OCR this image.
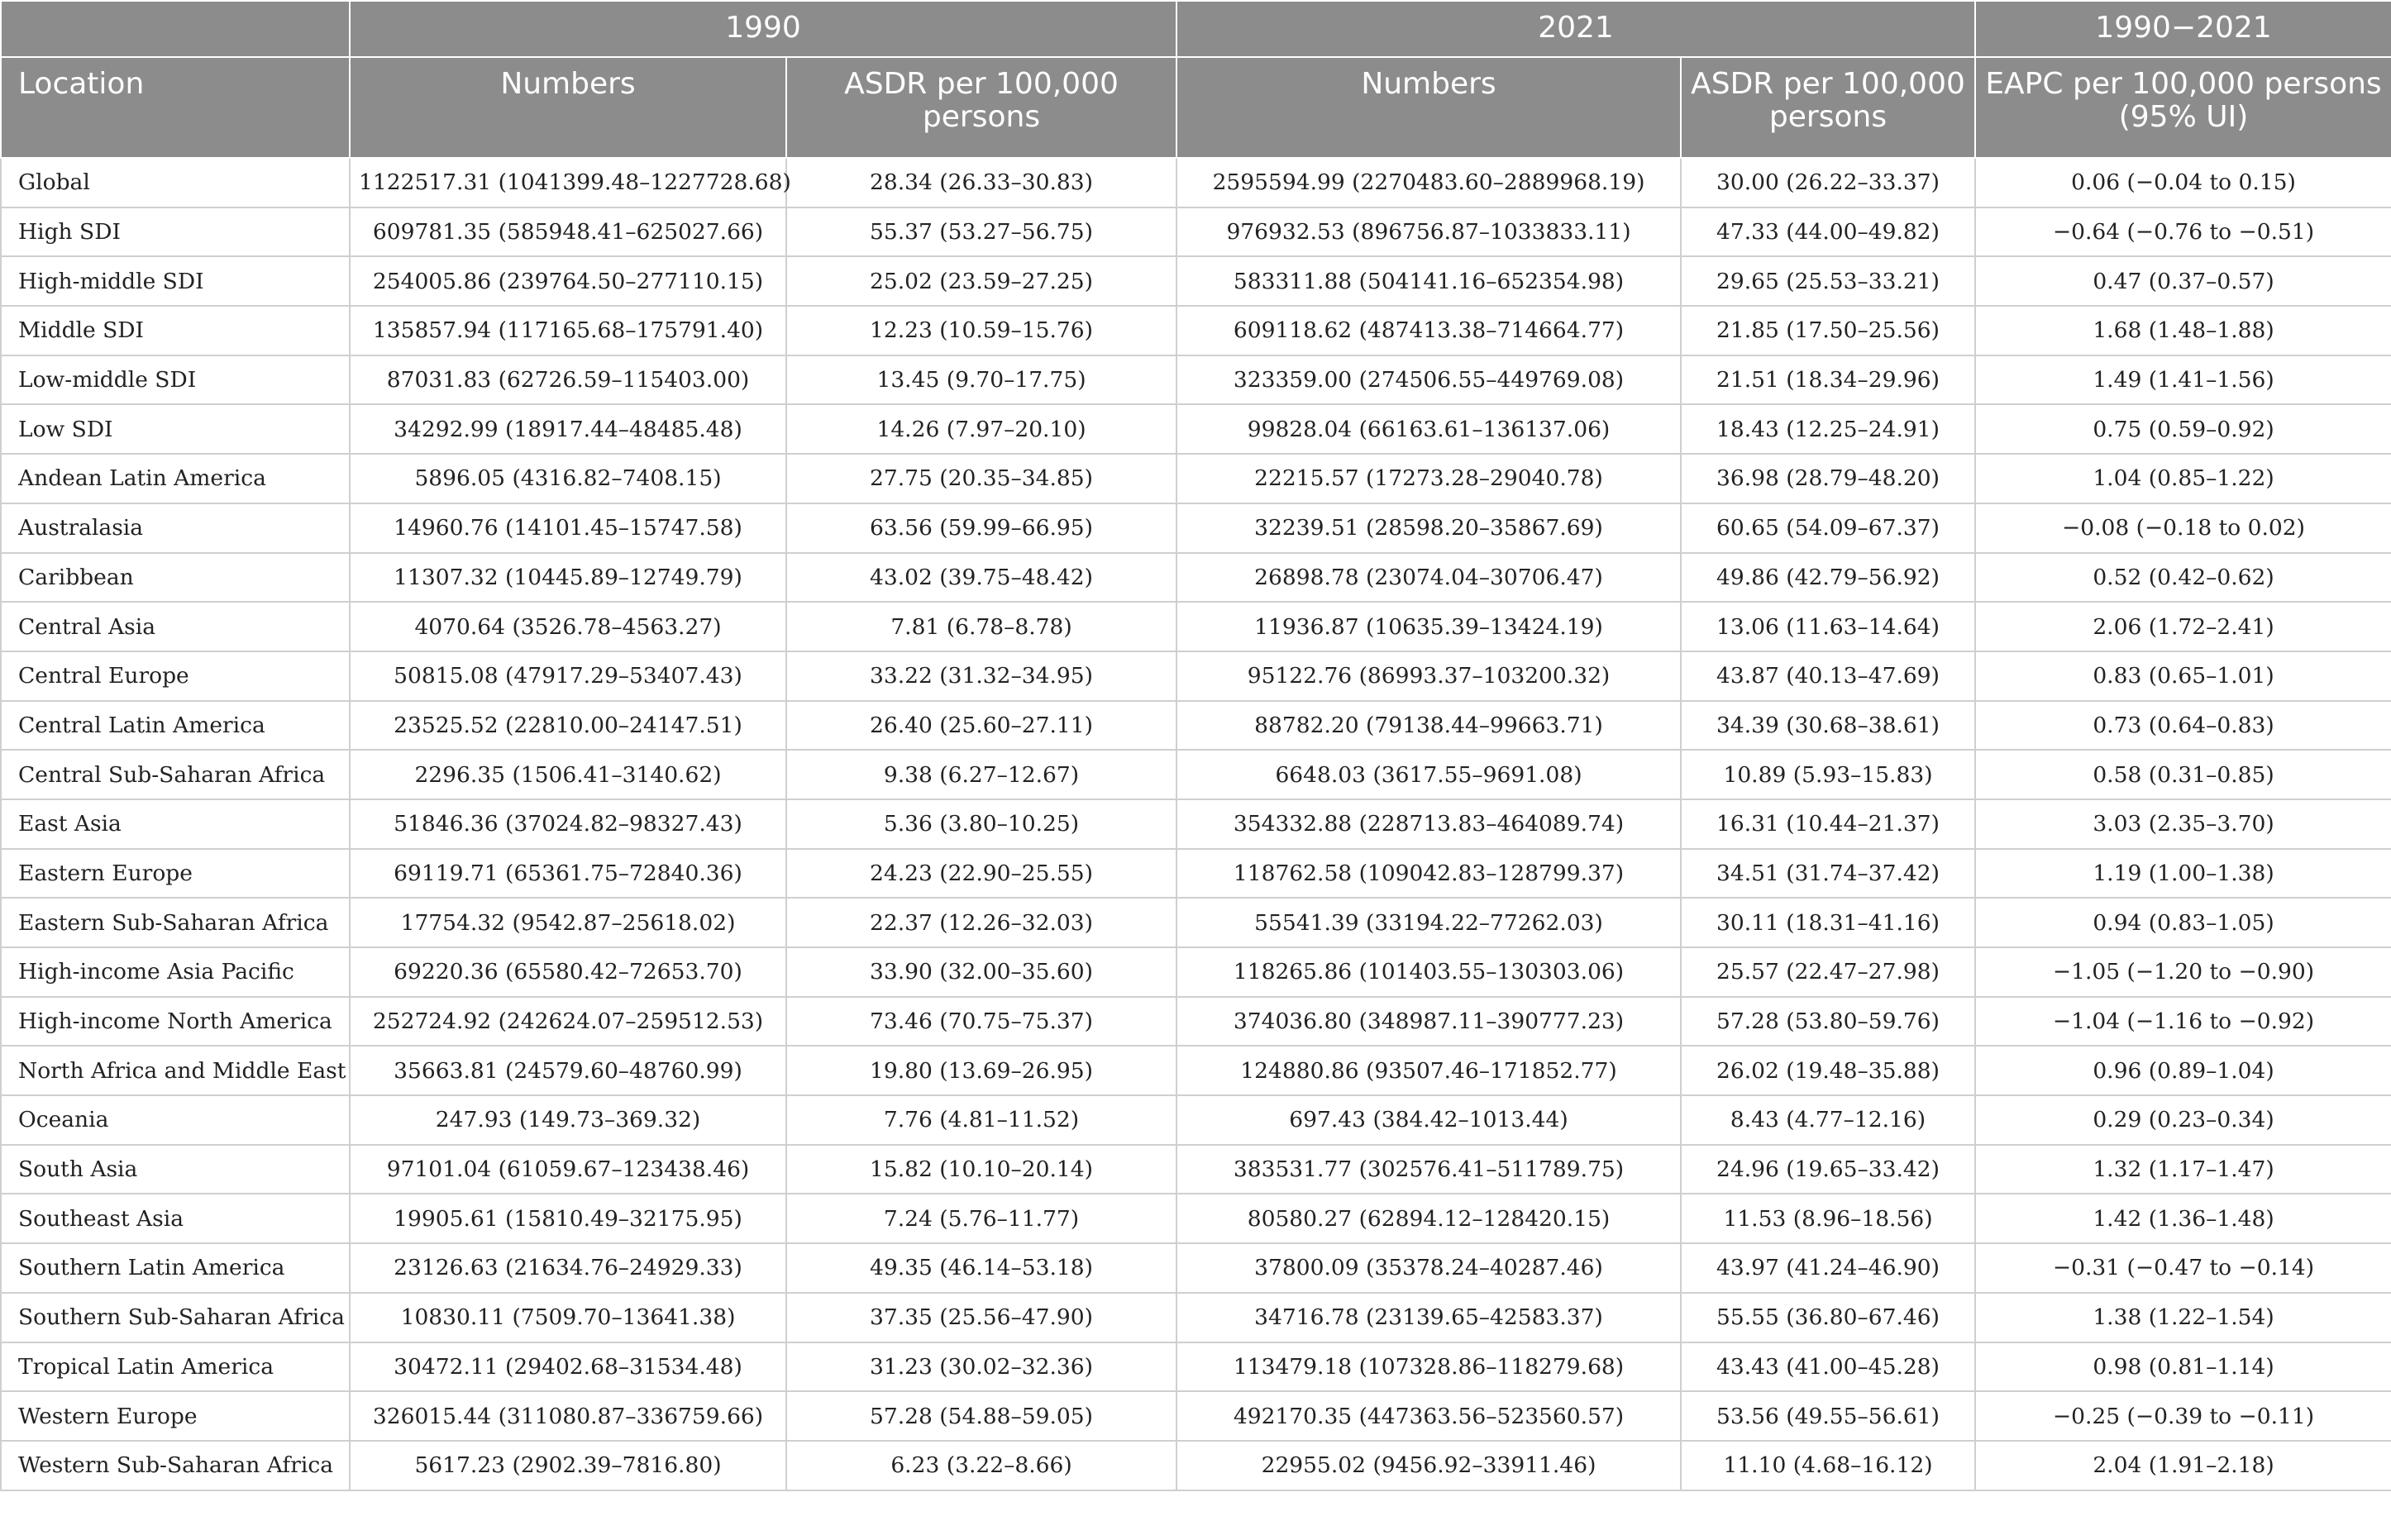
	1990		2021		1990−2021
Location	Numbers	ASDR per 100,000 persons	Numbers	ASDR per 100,000 persons	EAPC per 100,000 persons (95% UI)
Global	1122517.31 (1041399.48–1227728.68)	28.34 (26.33–30.83)	2595594.99 (2270483.60–2889968.19)	30.00 (26.22–33.37)	0.06 (−0.04 to 0.15)
High SDI	609781.35 (585948.41–625027.66)	55.37 (53.27–56.75)	976932.53 (896756.87–1033833.11)	47.33 (44.00–49.82)	−0.64 (−0.76 to −0.51)
High-middle SDI	254005.86 (239764.50–277110.15)	25.02 (23.59–27.25)	583311.88 (504141.16–652354.98)	29.65 (25.53–33.21)	0.47 (0.37–0.57)
Middle SDI	135857.94 (117165.68–175791.40)	12.23 (10.59–15.76)	609118.62 (487413.38–714664.77)	21.85 (17.50–25.56)	1.68 (1.48–1.88)
Low-middle SDI	87031.83 (62726.59–115403.00)	13.45 (9.70–17.75)	323359.00 (274506.55–449769.08)	21.51 (18.34–29.96)	1.49 (1.41–1.56)
Low SDI	34292.99 (18917.44–48485.48)	14.26 (7.97–20.10)	99828.04 (66163.61–136137.06)	18.43 (12.25–24.91)	0.75 (0.59–0.92)
Andean Latin America	5896.05 (4316.82–7408.15)	27.75 (20.35–34.85)	22215.57 (17273.28–29040.78)	36.98 (28.79–48.20)	1.04 (0.85–1.22)
Australasia	14960.76 (14101.45–15747.58)	63.56 (59.99–66.95)	32239.51 (28598.20–35867.69)	60.65 (54.09–67.37)	−0.08 (−0.18 to 0.02)
Caribbean	11307.32 (10445.89–12749.79)	43.02 (39.75–48.42)	26898.78 (23074.04–30706.47)	49.86 (42.79–56.92)	0.52 (0.42–0.62)
Central Asia	4070.64 (3526.78–4563.27)	7.81 (6.78–8.78)	11936.87 (10635.39–13424.19)	13.06 (11.63–14.64)	2.06 (1.72–2.41)
Central Europe	50815.08 (47917.29–53407.43)	33.22 (31.32–34.95)	95122.76 (86993.37–103200.32)	43.87 (40.13–47.69)	0.83 (0.65–1.01)
Central Latin America	23525.52 (22810.00–24147.51)	26.40 (25.60–27.11)	88782.20 (79138.44–99663.71)	34.39 (30.68–38.61)	0.73 (0.64–0.83)
Central Sub-Saharan Africa	2296.35 (1506.41–3140.62)	9.38 (6.27–12.67)	6648.03 (3617.55–9691.08)	10.89 (5.93–15.83)	0.58 (0.31–0.85)
East Asia	51846.36 (37024.82–98327.43)	5.36 (3.80–10.25)	354332.88 (228713.83–464089.74)	16.31 (10.44–21.37)	3.03 (2.35–3.70)
Eastern Europe	69119.71 (65361.75–72840.36)	24.23 (22.90–25.55)	118762.58 (109042.83–128799.37)	34.51 (31.74–37.42)	1.19 (1.00–1.38)
Eastern Sub-Saharan Africa	17754.32 (9542.87–25618.02)	22.37 (12.26–32.03)	55541.39 (33194.22–77262.03)	30.11 (18.31–41.16)	0.94 (0.83–1.05)
High-income Asia Pacific	69220.36 (65580.42–72653.70)	33.90 (32.00–35.60)	118265.86 (101403.55–130303.06)	25.57 (22.47–27.98)	−1.05 (−1.20 to −0.90)
High-income North America	252724.92 (242624.07–259512.53)	73.46 (70.75–75.37)	374036.80 (348987.11–390777.23)	57.28 (53.80–59.76)	−1.04 (−1.16 to −0.92)
North Africa and Middle East	35663.81 (24579.60–48760.99)	19.80 (13.69–26.95)	124880.86 (93507.46–171852.77)	26.02 (19.48–35.88)	0.96 (0.89–1.04)
Oceania	247.93 (149.73–369.32)	7.76 (4.81–11.52)	697.43 (384.42–1013.44)	8.43 (4.77–12.16)	0.29 (0.23–0.34)
South Asia	97101.04 (61059.67–123438.46)	15.82 (10.10–20.14)	383531.77 (302576.41–511789.75)	24.96 (19.65–33.42)	1.32 (1.17–1.47)
Southeast Asia	19905.61 (15810.49–32175.95)	7.24 (5.76–11.77)	80580.27 (62894.12–128420.15)	11.53 (8.96–18.56)	1.42 (1.36–1.48)
Southern Latin America	23126.63 (21634.76–24929.33)	49.35 (46.14–53.18)	37800.09 (35378.24–40287.46)	43.97 (41.24–46.90)	−0.31 (−0.47 to −0.14)
Southern Sub-Saharan Africa	10830.11 (7509.70–13641.38)	37.35 (25.56–47.90)	34716.78 (23139.65–42583.37)	55.55 (36.80–67.46)	1.38 (1.22–1.54)
Tropical Latin America	30472.11 (29402.68–31534.48)	31.23 (30.02–32.36)	113479.18 (107328.86–118279.68)	43.43 (41.00–45.28)	0.98 (0.81–1.14)
Western Europe	326015.44 (311080.87–336759.66)	57.28 (54.88–59.05)	492170.35 (447363.56–523560.57)	53.56 (49.55–56.61)	−0.25 (−0.39 to −0.11)
Western Sub-Saharan Africa	5617.23 (2902.39–7816.80)	6.23 (3.22–8.66)	22955.02 (9456.92–33911.46)	11.10 (4.68–16.12)	2.04 (1.91–2.18)
